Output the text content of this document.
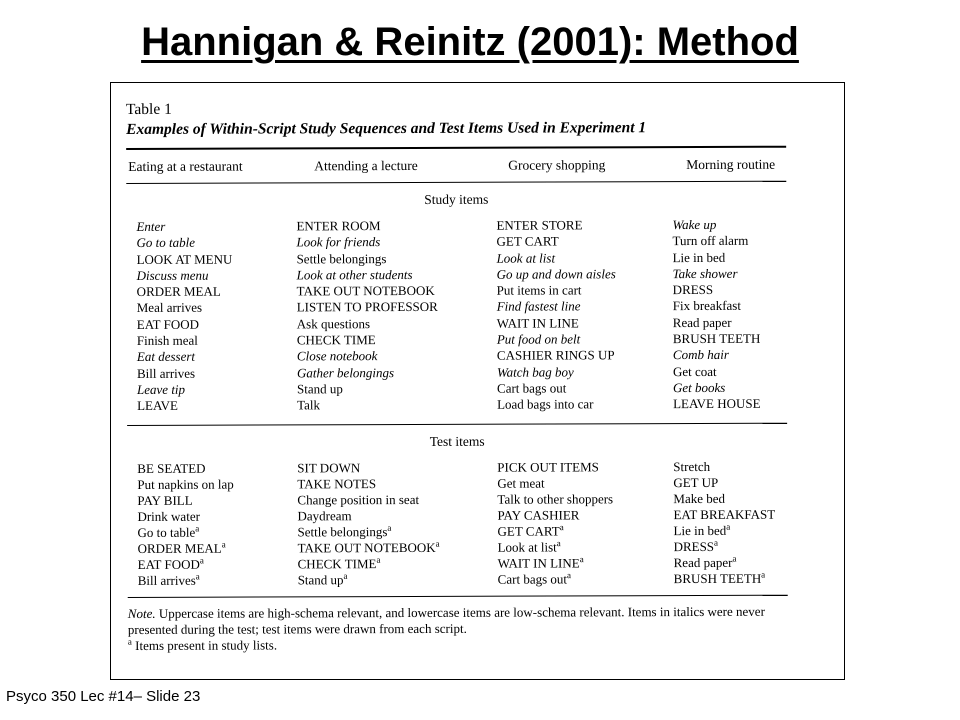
Hannigan & Reinitz (2001): Method
Table 1
Examples of Within-Script Study Sequences and Test Items Used in Experiment 1
Eating at a restaurant	Attending a lecture	Grocery shopping	Morning routine
Study items
Enter	ENTER ROOM	ENTER STORE	Wake up
Go to table	Look for friends	GET CART	Turn off alarm
LOOK AT MENU	Settle belongings	Look at list	Lie in bed
Discuss menu	Look at other students	Go up and down aisles	Take shower
ORDER MEAL	TAKE OUT NOTEBOOK	Put items in cart	DRESS
Meal arrives	LISTEN TO PROFESSOR	Find fastest line	Fix breakfast
EAT FOOD	Ask questions	WAIT IN LINE	Read paper
Finish meal	CHECK TIME	Put food on belt	BRUSH TEETH
Eat dessert	Close notebook	CASHIER RINGS UP	Comb hair
Bill arrives	Gather belongings	Watch bag boy	Get coat
Leave tip	Stand up	Cart bags out	Get books
LEAVE	Talk	Load bags into car	LEAVE HOUSE
Test items
BE SEATED	SIT DOWN	PICK OUT ITEMS	Stretch
Put napkins on lap	TAKE NOTES	Get meat	GET UP
PAY BILL	Change position in seat	Talk to other shoppers	Make bed
Drink water	Daydream	PAY CASHIER	EAT BREAKFAST
Go to table$^a$	Settle belongings$^a$	GET CART$^a$	Lie in bed$^a$
ORDER MEAL$^a$	TAKE OUT NOTEBOOK$^a$	Look at list$^a$	DRESS$^a$
EAT FOOD$^a$	CHECK TIME$^a$	WAIT IN LINE$^a$	Read paper$^a$
Bill arrives$^a$	Stand $up^a$	Cart bags out$^a$	BRUSH TEETH$^a$
Note. Uppercase items are high-schema relevant, and lowercase items are low-schema relevant. Items in italics were never presented during the test; test items were drawn from each script.
$^a$ Items present in study lists.
Psyco 350 Lec #14– Slide 23
